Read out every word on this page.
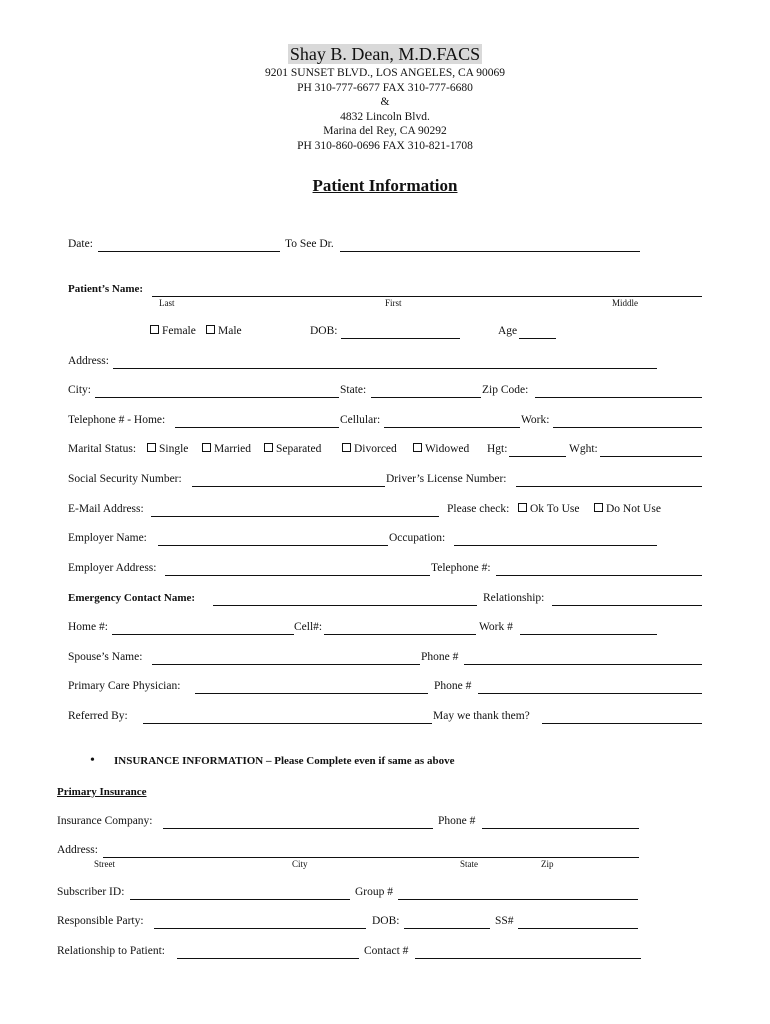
Shay B. Dean, M.D.FACS
9201 SUNSET BLVD., LOS ANGELES, CA 90069
PH 310-777-6677 FAX 310-777-6680
&
4832 Lincoln Blvd.
Marina del Rey, CA 90292
PH 310-860-0696 FAX 310-821-1708
Patient Information
Date:	To See Dr.
Patient’s Name:
Last	First	Middle
Female	Male	DOB:	Age
Address:
City:	State:	Zip Code:
Telephone # - Home:	Cellular:	Work:
Marital Status:	Single	Married	Separated	Divorced	Widowed Hgt:	Wght:
Social Security Number:	Driver’s License Number:
E-Mail Address:	Please check:	Ok To Use	Do Not Use
Employer Name:	Occupation:
Employer Address:	Telephone #:
Emergency Contact Name:	Relationship:
Home #:	Cell#:	Work #
Spouse’s Name:	Phone #
Primary Care Physician:	Phone #
Referred By:	May we thank them?
• INSURANCE INFORMATION – Please Complete even if same as above
Primary Insurance
Insurance Company:	Phone #
Address:
Street	City	State	Zip
Subscriber ID:	Group #
Responsible Party:	DOB:	SS#
Relationship to Patient:	Contact #
